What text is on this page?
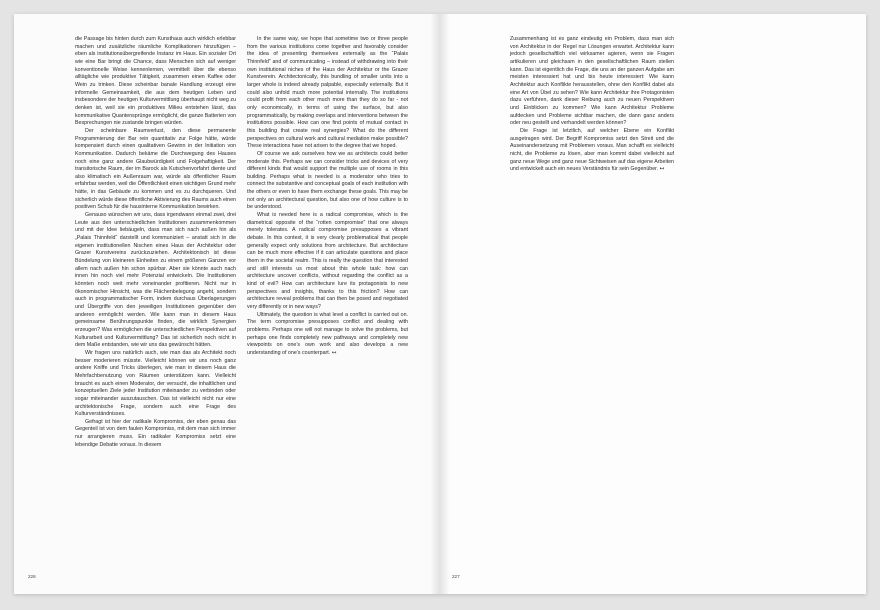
die Passage bis hinten durch zum Kunsthaus auch wirklich erlebbar machen und zusätzliche räumliche Komplikationen hinzufügen – eben als institutionsübergreifende Instanz im Haus. Ein sozialer Ort wie eine Bar bringt die Chance, dass Menschen sich auf weniger konventionelle Weise kennenlernen, vermittelt über die ebenso alltägliche wie produktive Tätigkeit, zusammen einen Kaffee oder Wein zu trinken. Diese scheinbar banale Handlung erzeugt eine informelle Gemeinsamkeit, die aus dem heutigen Leben und insbesondere der heutigen Kulturvermittlung überhaupt nicht weg zu denken ist, weil sie ein produktives Milieu entstehen lässt, das kommunikative Quantensprünge ermöglicht, die ganze Batterien von Besprechungen nie zustande bringen würden.

Der scheinbare Raumverlust, den diese permanente Programmierung der Bar rein quantitativ zur Folge hätte, würde kompensiert durch einen qualitativen Gewinn in der Initiation von Kommunikation. Dadurch bekäme die Durchwegung des Hauses noch eine ganz andere Glaubwürdigkeit und Folgehaftigkeit. Der transitorische Raum, der im Barock als Kutschenvorfahrt diente und also klimatisch ein Außenraum war, würde als öffentlicher Raum erfahrbar werden, weil die Öffentlichkeit einen wichtigen Grund mehr hätte, in das Gebäude zu kommen und es zu durchqueren. Und sicherlich würde diese öffentliche Aktivierung des Raums auch einen positiven Schub für die hausinterne Kommunikation bewirken.

Genauso wünschen wir uns, dass irgendwann einmal zwei, drei Leute aus den unterschiedlichen Institutionen zusammenkommen und mit der Idee liebäugeln, dass man sich nach außen hin als „Palais Thinnfeld“ darstellt und kommuniziert – anstatt sich in die eigenen institutionellen Nischen eines Haus der Architektur oder Grazer Kunstvereins zurückzuziehen. Architektonisch ist diese Bündelung von kleineren Einheiten zu einem größeren Ganzen vor allem nach außen hin schon spürbar. Aber sie könnte auch nach innen hin noch viel mehr Potenzial entwickeln. Die Institutionen könnten noch weit mehr voneinander profitieren. Nicht nur in ökonomischer Hinsicht, was die Flächenbelegung angeht, sondern auch in programmatischer Form, indem durchaus Überlagerungen und Übergriffe von den jeweiligen Institutionen gegenüber den anderen ermöglicht werden. Wie kann man in diesem Haus gemeinsame Berührungspunkte finden, die wirklich Synergien erzeugen? Was ermöglichen die unterschiedlichen Perspektiven auf Kulturarbeit und Kulturvermittlung? Das ist sicherlich noch nicht in dem Maße entstanden, wie wir uns das gewünscht hätten.

Wir fragen uns natürlich auch, wie man das als Architekt noch besser moderieren müsste. Vielleicht können wir uns noch ganz andere Kniffe und Tricks überlegen, wie man in diesem Haus die Mehrfachbenutzung von Räumen unterstützen kann. Vielleicht braucht es auch einen Moderator, der versucht, die inhaltlichen und konzeptuellen Ziele jeder Institution miteinander zu verbinden oder sogar miteinander auszutauschen. Das ist vielleicht nicht nur eine architektonische Frage, sondern auch eine Frage des Kulturverständnisses.

Gefragt ist hier der radikale Kompromiss, der eben genau das Gegenteil ist von dem faulen Kompromiss, mit dem man sich immer nur arrangieren muss. Ein radikaler Kompromiss setzt eine lebendige Debatte voraus. In diesem

In the same way, we hope that sometime two or three people from the various institutions come together and favorably consider the idea of presenting themselves externally as the “Palais Thinnfeld” and of communicating – instead of withdrawing into their own institutional niches of the Haus der Architektur or the Grazer Kunstverein. Architectonically, this bundling of smaller units into a larger whole is indeed already palpable, especially externally. But it could also unfold much more potential internally. The institutions could profit from each other much more than they do so far - not only economically, in terms of using the surface, but also programmatically, by making overlaps and interventions between the institutions possible. How can one find points of mutual contact in this building that create real synergies? What do the different perspectives on cultural work and cultural mediation make possible? These interactions have not arisen to the degree that we hoped.

Of course we ask ourselves how we as architects could better moderate this. Perhaps we can consider tricks and devices of very different kinds that would support the multiple use of rooms in this building. Perhaps what is needed is a moderator who tries to connect the substantive and conceptual goals of each institution with the others or even to have them exchange these goals. This may be not only an architectural question, but also one of how culture is to be understood.

What is needed here is a radical compromise, which is the diametrical opposite of the “rotten compromise” that one always merely tolerates. A radical compromise presupposes a vibrant debate. In this context, it is very clearly problematical that people generally expect only solutions from architecture. But architecture can be much more effective if it can articulate questions and place them in the societal realm. This is really the question that interested and still interests us most about this whole task: how can architecture uncover conflicts, without regarding the conflict as a kind of evil? How can architecture lure its protagonists to new perspectives and insights, thanks to this friction? How can architecture reveal problems that can then be posed and negotiated very differently or in new ways?

Ultimately, the question is what level a conflict is carried out on. The term compromise presupposes conflict and dealing with problems. Perhaps one will not manage to solve the problems, but perhaps one finds completely new pathways and completely new viewpoints on one’s own work and also develops a new understanding of one’s counterpart. ↤

226

Zusammenhang ist es ganz eindeutig ein Problem, dass man sich von Architektur in der Regel nur Lösungen erwartet. Architektur kann jedoch gesellschaftlich viel wirksamer agieren, wenn sie Fragen artikulieren und gleichsam in den gesellschaftlichen Raum stellen kann. Das ist eigentlich die Frage, die uns an der ganzen Aufgabe am meisten interessiert hat und bis heute interessiert: Wie kann Architektur auch Konflikte herausstellen, ohne den Konflikt dabei als eine Art von Übel zu sehen? Wie kann Architektur ihre Protagonisten dazu verführen, dank dieser Reibung auch zu neuen Perspektiven und Einblicken zu kommen? Wie kann Architektur Probleme aufdecken und Probleme sichtbar machen, die dann ganz anders oder neu gestellt und verhandelt werden können?

Die Frage ist letztlich, auf welcher Ebene ein Konflikt ausgetragen wird. Der Begriff Kompromiss setzt den Streit und die Auseinandersetzung mit Problemen voraus. Man schafft es vielleicht nicht, die Probleme zu lösen, aber man kommt dabei vielleicht auf ganz neue Wege und ganz neue Sichtweisen auf das eigene Arbeiten und entwickelt auch ein neues Verständnis für sein Gegenüber. ↤

227
